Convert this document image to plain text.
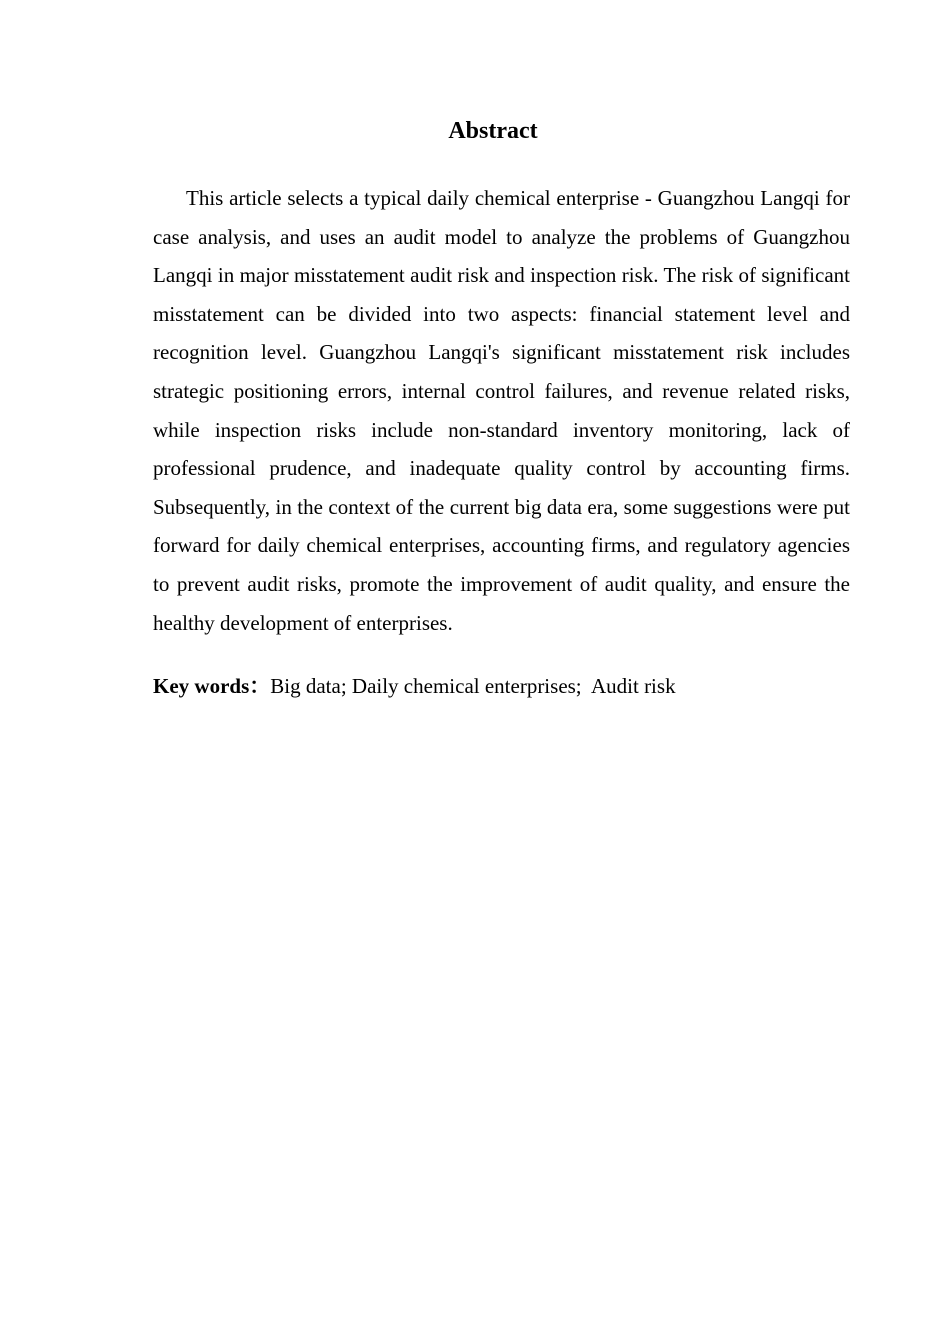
Abstract

This article selects a typical daily chemical enterprise - Guangzhou Langqi for case analysis, and uses an audit model to analyze the problems of Guangzhou Langqi in major misstatement audit risk and inspection risk. The risk of significant misstatement can be divided into two aspects: financial statement level and recognition level. Guangzhou Langqi's significant misstatement risk includes strategic positioning errors, internal control failures, and revenue related risks, while inspection risks include non-standard inventory monitoring, lack of professional prudence, and inadequate quality control by accounting firms. Subsequently, in the context of the current big data era, some suggestions were put forward for daily chemical enterprises, accounting firms, and regulatory agencies to prevent audit risks, promote the improvement of audit quality, and ensure the healthy development of enterprises.

Key words：Big data; Daily chemical enterprises;  Audit risk
